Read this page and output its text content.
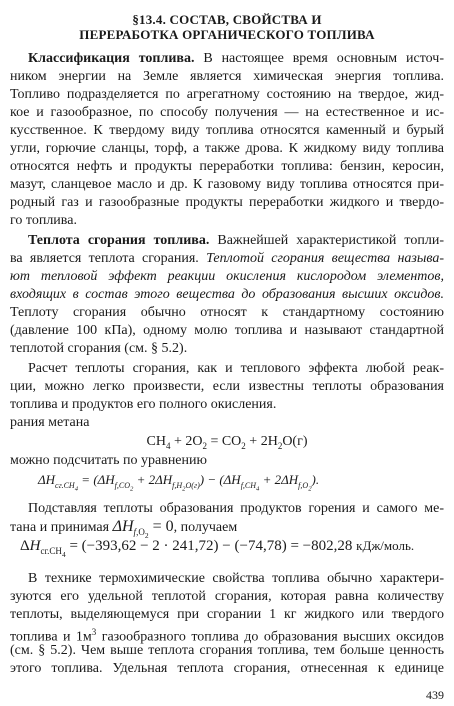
§13.4. СОСТАВ, СВОЙСТВА И
ПЕРЕРАБОТКА ОРГАНИЧЕСКОГО ТОПЛИВА
Классификация топлива. В настоящее время основным источ-
ником энергии на Земле является химическая энергия топлива.
Топливо подразделяется по агрегатному состоянию на твердое, жид-
кое и газообразное, по способу получения — на естественное и ис-
кусственное. К твердому виду топлива относятся каменный и бурый
угли, горючие сланцы, торф, а также дрова. К жидкому виду топлива
относятся нефть и продукты переработки топлива: бензин, керосин,
мазут, сланцевое масло и др. К газовому виду топлива относятся при-
родный газ и газообразные продукты переработки жидкого и твердо-
го топлива.
Теплота сгорания топлива. Важнейшей характеристикой топли-
ва является теплота сгорания. Теплотой сгорания вещества называ-
ют тепловой эффект реакции окисления кислородом элементов,
входящих в состав этого вещества до образования высших оксидов.
Теплоту сгорания обычно относят к стандартному состоянию
(давление 100 кПа), одному молю топлива и называют стандартной
теплотой сгорания (см. § 5.2).
Расчет теплоты сгорания, как и теплового эффекта любой реак-
ции, можно легко произвести, если известны теплоты образования
топлива и продуктов его полного окисления.
рания метана
$CH_4 + 2O_2 = CO_2 + 2H_2O(г)$
можно подсчитать по уравнению
$\Delta H_{сг.CH_4} = (\Delta H_{f,CO_2} + 2\Delta H_{f,H_2O(г)}) - (\Delta H_{f,CH_4} + 2\Delta H_{f,O_2})$.
Подставляя теплоты образования продуктов горения и самого ме-
тана и принимая $\Delta H_{f,O_2} = 0$, получаем
$\Delta H_{сг.CH_4} = (-393,62 - 2 \cdot 241,72) - (-74,78) = -802,28$ кДж/моль.
В технике термохимические свойства топлива обычно характери-
зуются его удельной теплотой сгорания, которая равна количеству
теплоты, выделяющемуся при сгорании 1 кг жидкого или твердого
топлива и $1м^3$ газообразного топлива до образования высших оксидов
(см. § 5.2). Чем выше теплота сгорания топлива, тем больше ценность
этого топлива. Удельная теплота сгорания, отнесенная к единице
439
